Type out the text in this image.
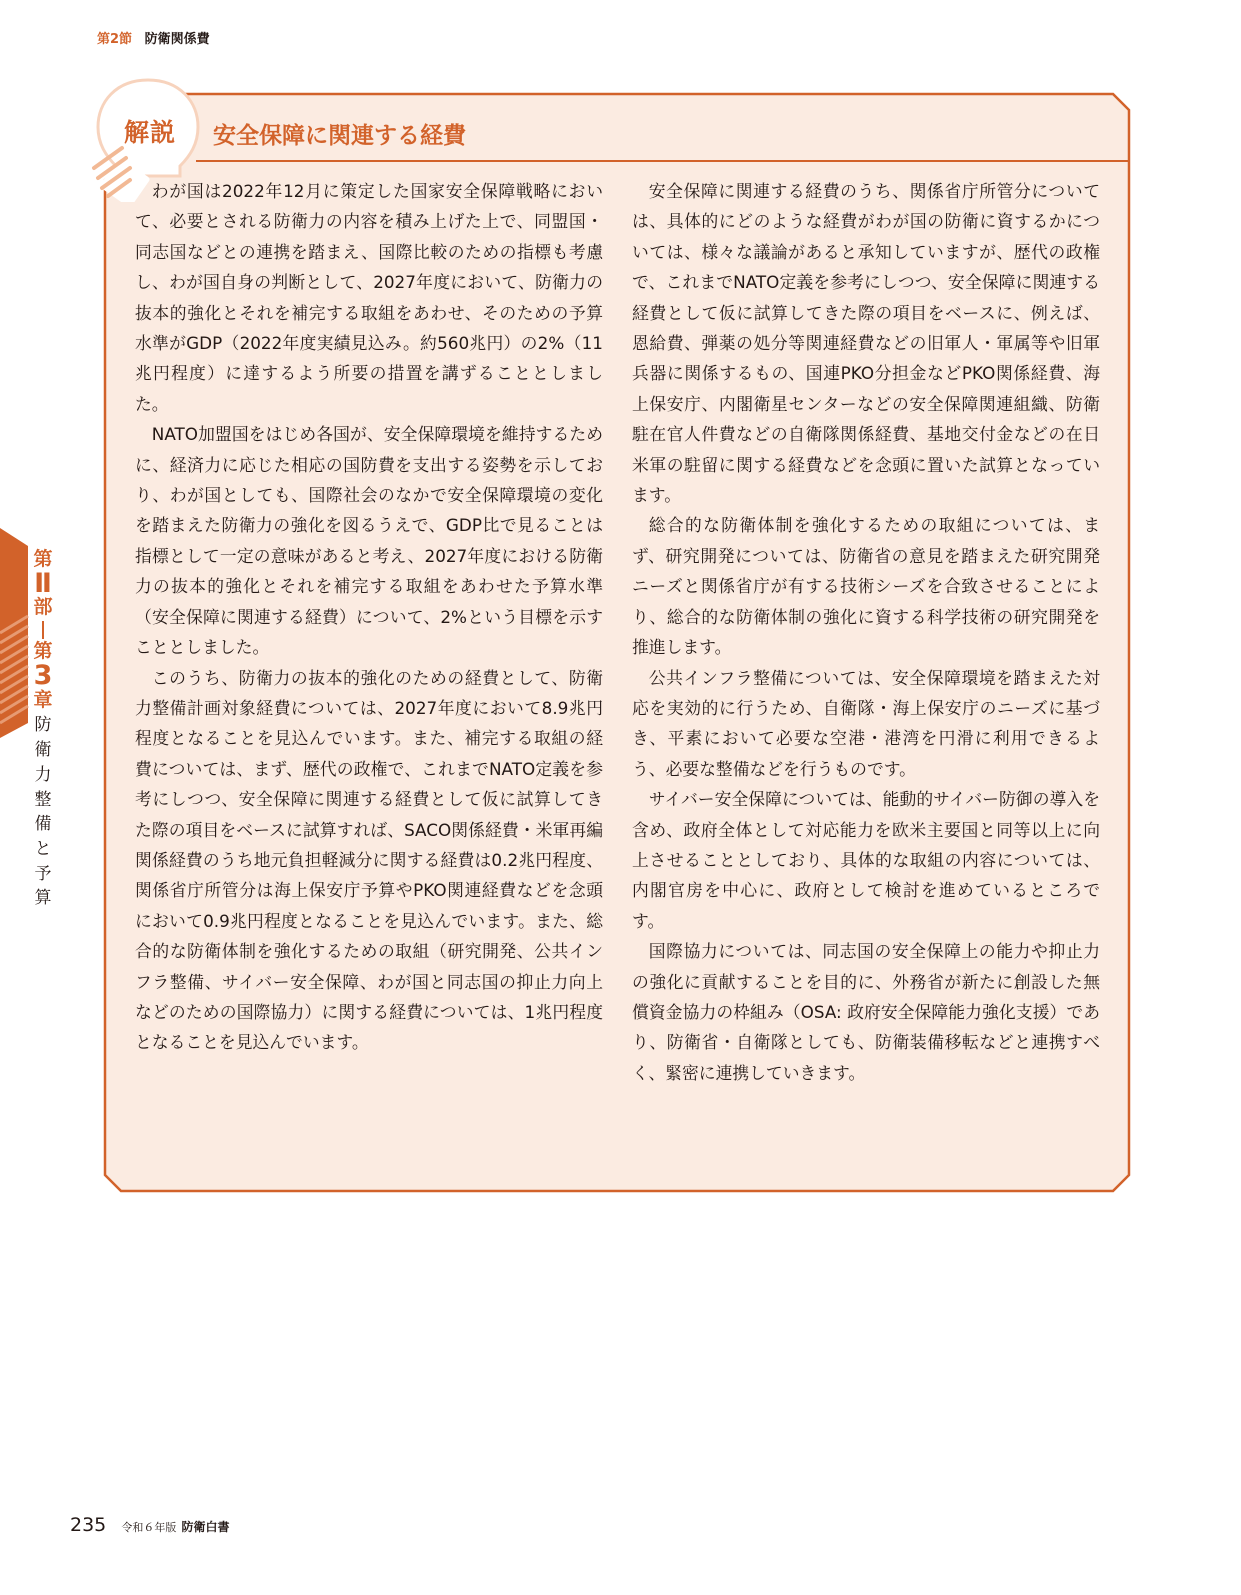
第2節 防衛関係費
第
Ⅱ
部
第
3
章
防
衛
力
整
備
と
予
算
解説 安全保障に関連する経費

わが国は2022年12月に策定した国家安全保障戦略において、必要とされる防衛力の内容を積み上げた上で、同盟国・同志国などとの連携を踏まえ、国際比較のための指標も考慮し、わが国自身の判断として、2027年度において、防衛力の抜本的強化とそれを補完する取組をあわせ、そのための予算水準がGDP（2022年度実績見込み。約560兆円）の2%（11兆円程度）に達するよう所要の措置を講ずることとしました。

NATO加盟国をはじめ各国が、安全保障環境を維持するために、経済力に応じた相応の国防費を支出する姿勢を示しており、わが国としても、国際社会のなかで安全保障環境の変化を踏まえた防衛力の強化を図るうえで、GDP比で見ることは指標として一定の意味があると考え、2027年度における防衛力の抜本的強化とそれを補完する取組をあわせた予算水準（安全保障に関連する経費）について、2%という目標を示すこととしました。

このうち、防衛力の抜本的強化のための経費として、防衛力整備計画対象経費については、2027年度において8.9兆円程度となることを見込んでいます。また、補完する取組の経費については、まず、歴代の政権で、これまでNATO定義を参考にしつつ、安全保障に関連する経費として仮に試算してきた際の項目をベースに試算すれば、SACO関係経費・米軍再編関係経費のうち地元負担軽減分に関する経費は0.2兆円程度、関係省庁所管分は海上保安庁予算やPKO関連経費などを念頭において0.9兆円程度となることを見込んでいます。また、総合的な防衛体制を強化するための取組（研究開発、公共インフラ整備、サイバー安全保障、わが国と同志国の抑止力向上などのための国際協力）に関する経費については、1兆円程度となることを見込んでいます。

安全保障に関連する経費のうち、関係省庁所管分については、具体的にどのような経費がわが国の防衛に資するかについては、様々な議論があると承知していますが、歴代の政権で、これまでNATO定義を参考にしつつ、安全保障に関連する経費として仮に試算してきた際の項目をベースに、例えば、恩給費、弾薬の処分等関連経費などの旧軍人・軍属等や旧軍兵器に関係するもの、国連PKO分担金などPKO関係経費、海上保安庁、内閣衛星センターなどの安全保障関連組織、防衛駐在官人件費などの自衛隊関係経費、基地交付金などの在日米軍の駐留に関する経費などを念頭に置いた試算となっています。

総合的な防衛体制を強化するための取組については、まず、研究開発については、防衛省の意見を踏まえた研究開発ニーズと関係省庁が有する技術シーズを合致させることにより、総合的な防衛体制の強化に資する科学技術の研究開発を推進します。

公共インフラ整備については、安全保障環境を踏まえた対応を実効的に行うため、自衛隊・海上保安庁のニーズに基づき、平素において必要な空港・港湾を円滑に利用できるよう、必要な整備などを行うものです。

サイバー安全保障については、能動的サイバー防御の導入を含め、政府全体として対応能力を欧米主要国と同等以上に向上させることとしており、具体的な取組の内容については、内閣官房を中心に、政府として検討を進めているところです。

国際協力については、同志国の安全保障上の能力や抑止力の強化に貢献することを目的に、外務省が新たに創設した無償資金協力の枠組み（OSA: 政府安全保障能力強化支援）であり、防衛省・自衛隊としても、防衛装備移転などと連携すべく、緊密に連携していきます。

235 令和６年版 防衛白書
